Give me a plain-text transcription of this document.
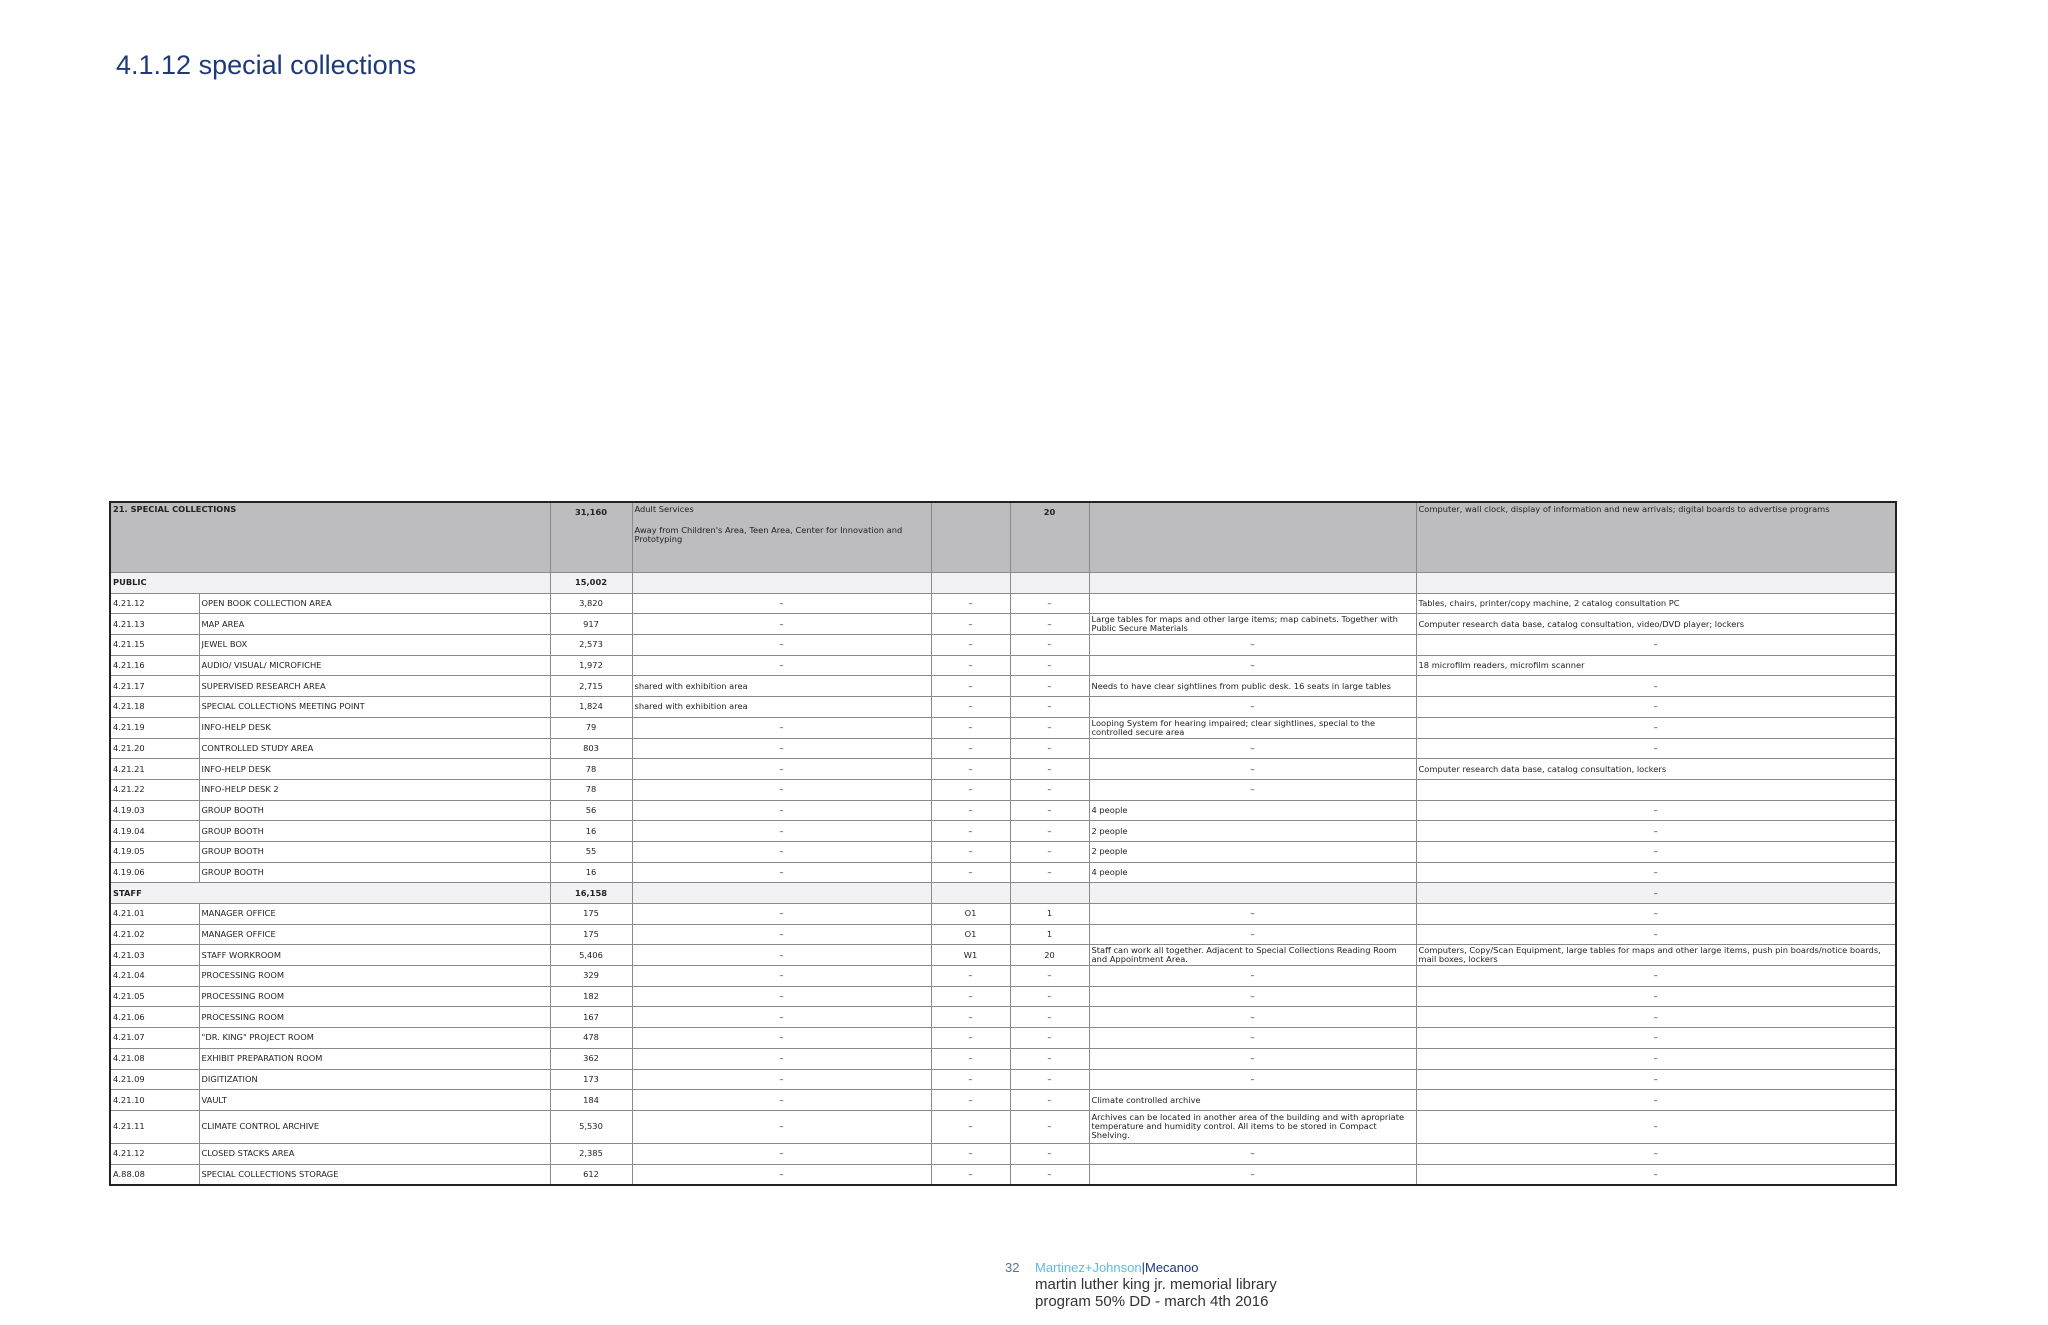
4.1.12 special collections
21. SPECIAL COLLECTIONS		31,160	Adult Services
Away from Children's Area, Teen Area, Center for Innovation and Prototyping		20		Computer, wall clock, display of information and new arrivals; digital boards to advertise programs
PUBLIC		15,002					
4.21.12	OPEN BOOK COLLECTION AREA	3,820	–	–	–		Tables, chairs, printer/copy machine, 2 catalog consultation PC
4.21.13	MAP AREA	917	–	–	–	Large tables for maps and other large items; map cabinets. Together with Public Secure Materials	Computer research data base, catalog consultation, video/DVD player; lockers
4.21.15	JEWEL BOX	2,573	–	–	–	–	–
4.21.16	AUDIO/ VISUAL/ MICROFICHE	1,972	–	–	–	–	18 microfilm readers, microfilm scanner
4.21.17	SUPERVISED RESEARCH AREA	2,715	shared with exhibition area	–	–	Needs to have clear sightlines from public desk. 16 seats in large tables	–
4.21.18	SPECIAL COLLECTIONS MEETING POINT	1,824	shared with exhibition area	–	–	–	–
4.21.19	INFO-HELP DESK	79	–	–	–	Looping System for hearing impaired; clear sightlines, special to the controlled secure area	–
4.21.20	CONTROLLED STUDY AREA	803	–	–	–	–	–
4.21.21	INFO-HELP DESK	78	–	–	–	–	Computer research data base, catalog consultation, lockers
4.21.22	INFO-HELP DESK 2	78	–	–	–	–	
4.19.03	GROUP BOOTH	56	–	–	–	4 people	–
4.19.04	GROUP BOOTH	16	–	–	–	2 people	–
4.19.05	GROUP BOOTH	55	–	–	–	2 people	–
4.19.06	GROUP BOOTH	16	–	–	–	4 people	–
STAFF		16,158					–
4.21.01	MANAGER OFFICE	175	–	O1	1	–	–
4.21.02	MANAGER OFFICE	175	–	O1	1	–	–
4.21.03	STAFF WORKROOM	5,406	–	W1	20	Staff can work all together. Adjacent to Special Collections Reading Room and Appointment Area.	Computers, Copy/Scan Equipment, large tables for maps and other large items, push pin boards/notice boards, mail boxes, lockers
4.21.04	PROCESSING ROOM	329	–	–	–	–	–
4.21.05	PROCESSING ROOM	182	–	–	–	–	–
4.21.06	PROCESSING ROOM	167	–	–	–	–	–
4.21.07	"DR. KING" PROJECT ROOM	478	–	–	–	–	–
4.21.08	EXHIBIT PREPARATION ROOM	362	–	–	–	–	–
4.21.09	DIGITIZATION	173	–	–	–	–	–
4.21.10	VAULT	184	–	–	–	Climate controlled archive	–
4.21.11	CLIMATE CONTROL ARCHIVE	5,530	–	–	–	Archives can be located in another area of the building and with apropriate temperature and humidity control. All items to be stored in Compact Shelving.	–
4.21.12	CLOSED STACKS AREA	2,385	–	–	–	–	–
A.88.08	SPECIAL COLLECTIONS STORAGE	612	–	–	–	–	–
32 Martinez+Johnson|Mecanoo
martin luther king jr. memorial library
program 50% DD - march 4th 2016
